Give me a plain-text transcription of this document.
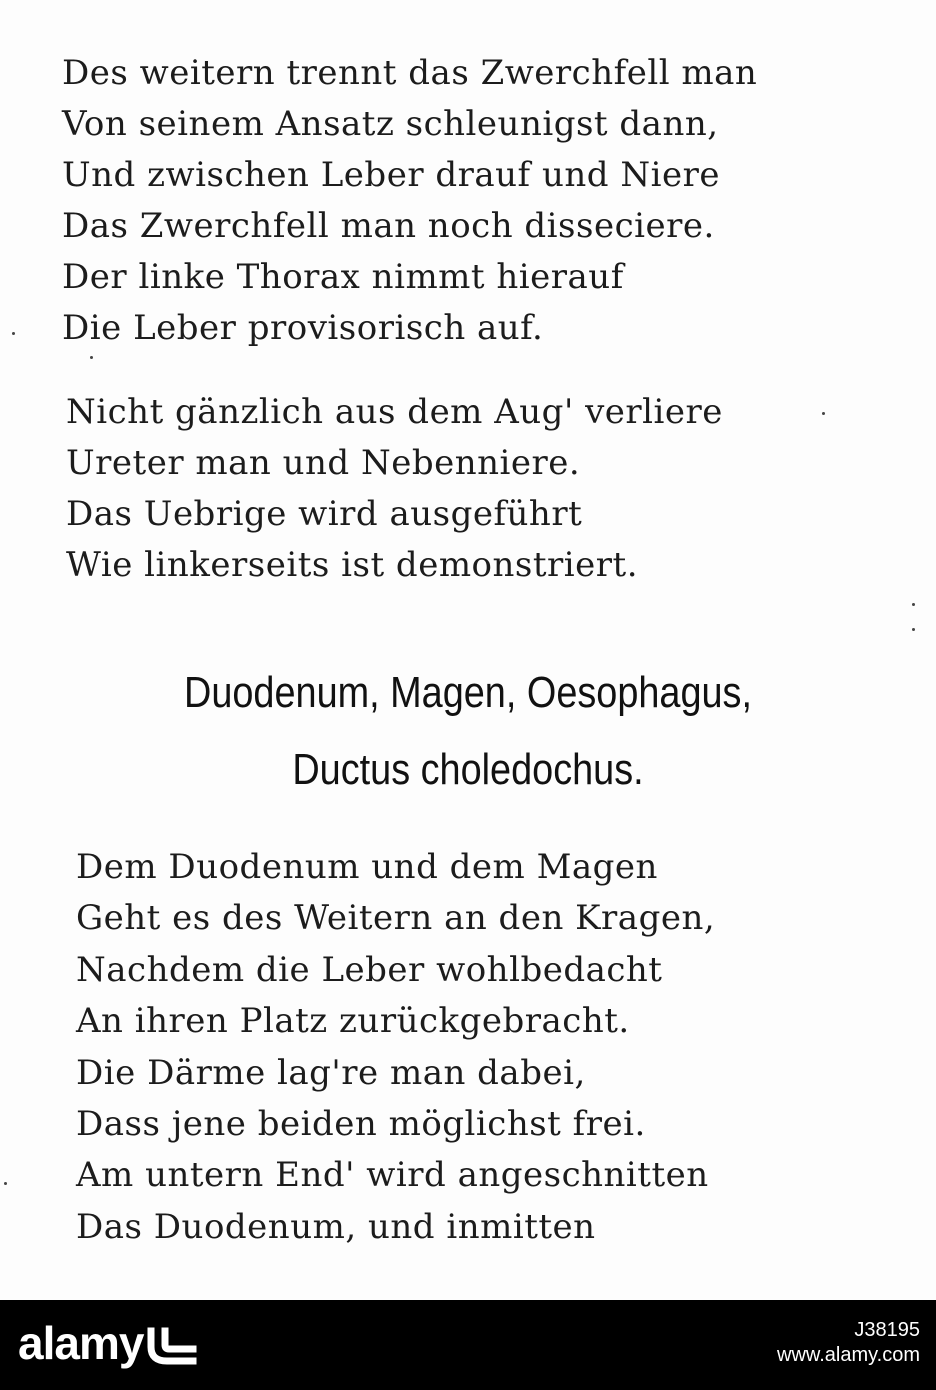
Des weitern trennt das Zwerchfell man
Von seinem Ansatz schleunigst dann,
Und zwischen Leber drauf und Niere
Das Zwerchfell man noch disseciere.
Der linke Thorax nimmt hierauf
Die Leber provisorisch auf.
Nicht gänzlich aus dem Aug' verliere
Ureter man und Nebenniere.
Das Uebrige wird ausgeführt
Wie linkerseits ist demonstriert.
Duodenum, Magen, Oesophagus,
Ductus choledochus.
Dem Duodenum und dem Magen
Geht es des Weitern an den Kragen,
Nachdem die Leber wohlbedacht
An ihren Platz zurückgebracht.
Die Därme lag're man dabei,
Dass jene beiden möglichst frei.
Am untern End' wird angeschnitten
Das Duodenum, und inmitten
alamy	J38195
www.alamy.com
